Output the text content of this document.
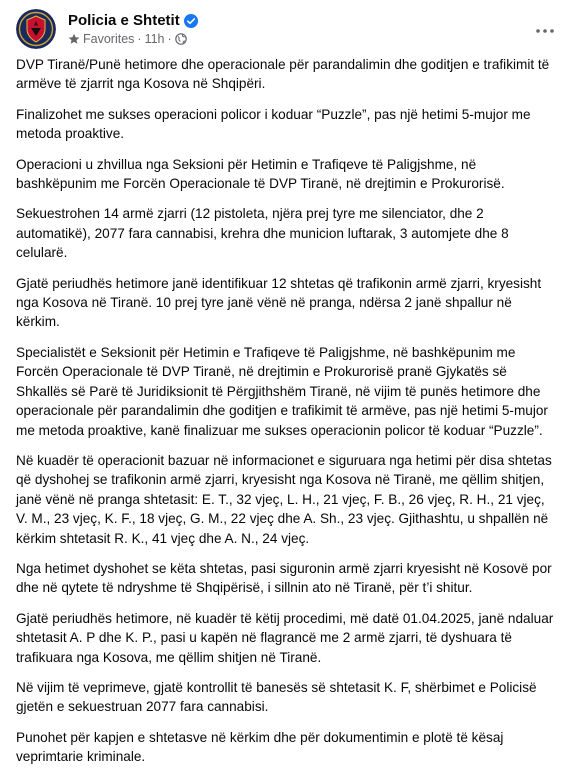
Policia e Shtetit
Favorites · 11h ·

DVP Tiranë/Punë hetimore dhe operacionale për parandalimin dhe goditjen e trafikimit të armëve të zjarrit nga Kosova në Shqipëri.

Finalizohet me sukses operacioni policor i koduar “Puzzle”, pas një hetimi 5-mujor me metoda proaktive.

Operacioni u zhvillua nga Seksioni për Hetimin e Trafiqeve të Paligjshme, në bashkëpunim me Forcën Operacionale të DVP Tiranë, në drejtimin e Prokurorisë.

Sekuestrohen 14 armë zjarri (12 pistoleta, njëra prej tyre me silenciator, dhe 2 automatikë), 2077 fara cannabisi, krehra dhe municion luftarak, 3 automjete dhe 8 celularë.

Gjatë periudhës hetimore janë identifikuar 12 shtetas që trafikonin armë zjarri, kryesisht nga Kosova në Tiranë. 10 prej tyre janë vënë në pranga, ndërsa 2 janë shpallur në kërkim.

Specialistët e Seksionit për Hetimin e Trafiqeve të Paligjshme, në bashkëpunim me Forcën Operacionale të DVP Tiranë, në drejtimin e Prokurorisë pranë Gjykatës së Shkallës së Parë të Juridiksionit të Përgjithshëm Tiranë, në vijim të punës hetimore dhe operacionale për parandalimin dhe goditjen e trafikimit të armëve, pas një hetimi 5-mujor me metoda proaktive, kanë finalizuar me sukses operacionin policor të koduar “Puzzle”.

Në kuadër të operacionit bazuar në informacionet e siguruara nga hetimi për disa shtetas që dyshohej se trafikonin armë zjarri, kryesisht nga Kosova në Tiranë, me qëllim shitjen, janë vënë në pranga shtetasit: E. T., 32 vjeç, L. H., 21 vjeç, F. B., 26 vjeç, R. H., 21 vjeç, V. M., 23 vjeç, K. F., 18 vjeç, G. M., 22 vjeç dhe A. Sh., 23 vjeç. Gjithashtu, u shpallën në kërkim shtetasit R. K., 41 vjeç dhe A. N., 24 vjeç.

Nga hetimet dyshohet se këta shtetas, pasi siguronin armë zjarri kryesisht në Kosovë por dhe në qytete të ndryshme të Shqipërisë, i sillnin ato në Tiranë, për t’i shitur.

Gjatë periudhës hetimore, në kuadër të këtij procedimi, më datë 01.04.2025, janë ndaluar shtetasit A. P dhe K. P., pasi u kapën në flagrancë me 2 armë zjarri, të dyshuara të trafikuara nga Kosova, me qëllim shitjen në Tiranë.

Në vijim të veprimeve, gjatë kontrollit të banesës së shtetasit K. F, shërbimet e Policisë gjetën e sekuestruan 2077 fara cannabisi.

Punohet për kapjen e shtetasve në kërkim dhe për dokumentimin e plotë të kësaj veprimtarie kriminale.
